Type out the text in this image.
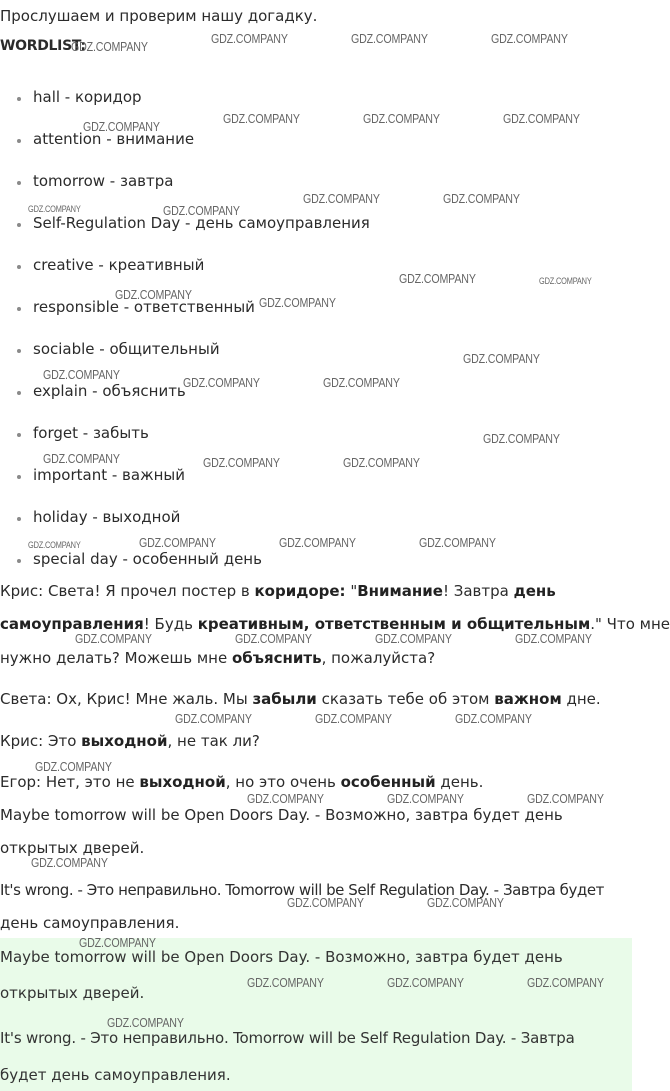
Прослушаем и проверим нашу догадку.
WORDLIST:
hall - коридор
attention - внимание
tomorrow - завтра
Self-Regulation Day - день самоуправления
creative - креативный
responsible - ответственный
sociable - общительный
explain - объяснить
forget - забыть
important - важный
holiday - выходной
special day - особенный день
Крис: Света! Я прочел постер в коридоре: "Внимание! Завтра день
самоуправления! Будь креативным, ответственным и общительным." Что мне
нужно делать? Можешь мне объяснить, пожалуйста?
Света: Ох, Крис! Мне жаль. Мы забыли сказать тебе об этом важном дне.
Крис: Это выходной, не так ли?
Егор: Нет, это не выходной, но это очень особенный день.
Maybe tomorrow will be Open Doors Day. - Возможно, завтра будет день
открытых дверей.
It's wrong. - Это неправильно. Tomorrow will be Self Regulation Day. - Завтра будет
день самоуправления.
Maybe tomorrow will be Open Doors Day. - Возможно, завтра будет день
открытых дверей.
It's wrong. - Это неправильно. Tomorrow will be Self Regulation Day. - Завтра
будет день самоуправления.
GDZ.COMPANY
GDZ.COMPANY	GDZ.COMPANY	GDZ.COMPANY
GDZ.COMPANY
GDZ.COMPANY	GDZ.COMPANY	GDZ.COMPANY
GDZ.COMPANY	GDZ.COMPANY
GDZ.COMPANY	GDZ.COMPANY
GDZ.COMPANY	GDZ.COMPANY
GDZ.COMPANY
GDZ.COMPANY
GDZ.COMPANY
GDZ.COMPANY
GDZ.COMPANY	GDZ.COMPANY
GDZ.COMPANY
GDZ.COMPANY	GDZ.COMPANY	GDZ.COMPANY
GDZ.COMPANY	GDZ.COMPANY	GDZ.COMPANY	GDZ.COMPANY
GDZ.COMPANY	GDZ.COMPANY	GDZ.COMPANY	GDZ.COMPANY
GDZ.COMPANY	GDZ.COMPANY	GDZ.COMPANY
GDZ.COMPANY
GDZ.COMPANY	GDZ.COMPANY	GDZ.COMPANY
GDZ.COMPANY
GDZ.COMPANY	GDZ.COMPANY
GDZ.COMPANY
GDZ.COMPANY	GDZ.COMPANY	GDZ.COMPANY
GDZ.COMPANY
